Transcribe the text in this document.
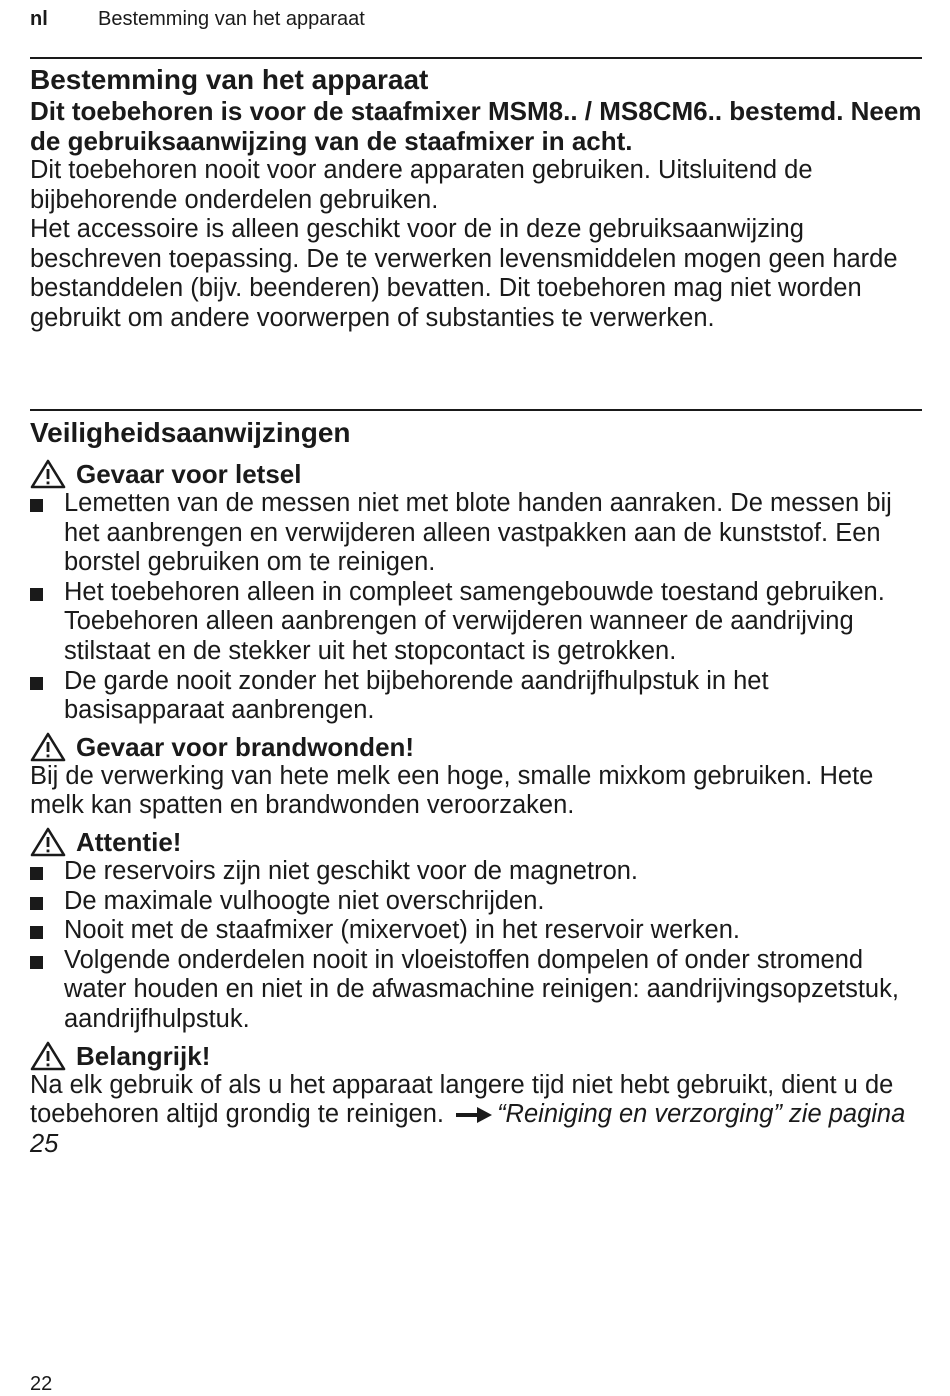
nl	Bestemming van het apparaat
Bestemming van het apparaat

Dit toebehoren is voor de staafmixer MSM8.. / MS8CM6.. bestemd. Neem de gebruiksaanwijzing van de staafmixer in acht.

Dit toebehoren nooit voor andere apparaten gebruiken. Uitsluitend de bijbehorende onderdelen gebruiken.

Het accessoire is alleen geschikt voor de in deze gebruiksaanwijzing beschreven toepassing. De te verwerken levensmiddelen mogen geen harde bestanddelen (bijv. beenderen) bevatten. Dit toebehoren mag niet worden gebruikt om andere voorwerpen of substanties te verwerken.

Veiligheidsaanwijzingen
Gevaar voor letsel
Lemetten van de messen niet met blote handen aanraken. De messen bij het aanbrengen en verwijderen alleen vastpakken aan de kunststof. Een borstel gebruiken om te reinigen.
Het toebehoren alleen in compleet samengebouwde toestand gebruiken. Toebehoren alleen aanbrengen of verwijderen wanneer de aandrijving stilstaat en de stekker uit het stopcontact is getrokken.
De garde nooit zonder het bijbehorende aandrijfhulpstuk in het basisapparaat aanbrengen.
Gevaar voor brandwonden!

Bij de verwerking van hete melk een hoge, smalle mixkom gebruiken. Hete melk kan spatten en brandwonden veroorzaken.

Attentie!
De reservoirs zijn niet geschikt voor de magnetron.
De maximale vulhoogte niet overschrijden.
Nooit met de staafmixer (mixervoet) in het reservoir werken.
Volgende onderdelen nooit in vloeistoffen dompelen of onder stromend water houden en niet in de afwasmachine reinigen: aandrijvingsopzetstuk, aandrijfhulpstuk.
Belangrijk!

Na elk gebruik of als u het apparaat langere tijd niet hebt gebruikt, dient u de toebehoren altijd grondig te reinigen. “Reiniging en verzorging” zie pagina 25

22
